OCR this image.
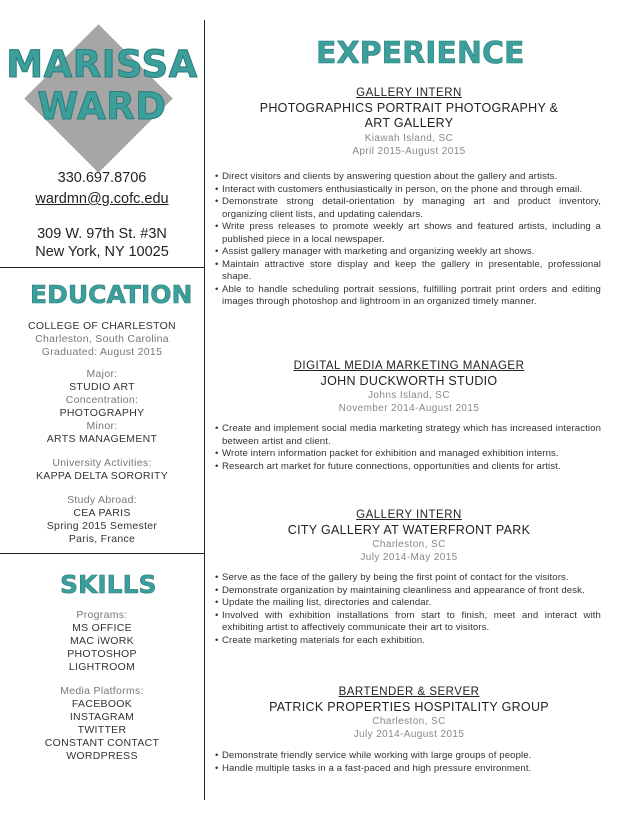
MARISSA
WARD
330.697.8706
wardmn@g.cofc.edu
309 W. 97th St. #3N
New York, NY 10025
EDUCATION
COLLEGE OF CHARLESTON
Charleston, South Carolina
Graduated: August 2015
Major:
STUDIO ART
Concentration:
PHOTOGRAPHY
Minor:
ARTS MANAGEMENT
University Activities:
KAPPA DELTA SORORITY
Study Abroad:
CEA PARIS
Spring 2015 Semester
Paris, France
SKILLS
Programs:
MS OFFICE
MAC iWORK
PHOTOSHOP
LIGHTROOM
Media Platforms:
FACEBOOK
INSTAGRAM
TWITTER
CONSTANT CONTACT
WORDPRESS
EXPERIENCE
GALLERY INTERN
PHOTOGRAPHICS PORTRAIT PHOTOGRAPHY &
ART GALLERY
Kiawah Island, SC
April 2015-August 2015
• Direct visitors and clients by answering question about the gallery and artists.
• Interact with customers enthusiastically in person, on the phone and through email.
• Demonstrate strong detail-orientation by managing art and product inventory, organizing client lists, and updating calendars.
• Write press releases to promote weekly art shows and featured artists, including a published piece in a local newspaper.
• Assist gallery manager with marketing and organizing weekly art shows.
• Maintain attractive store display and keep the gallery in presentable, professional shape.
• Able to handle scheduling portrait sessions, fulfilling portrait print orders and editing images through photoshop and lightroom in an organized timely manner.
DIGITAL MEDIA MARKETING MANAGER
JOHN DUCKWORTH STUDIO
Johns Island, SC
November 2014-August 2015
• Create and implement social media marketing strategy which has increased interaction between artist and client.
• Wrote intern information packet for exhibition and managed exhibition interns.
• Research art market for future connections, opportunities and clients for artist.
GALLERY INTERN
CITY GALLERY AT WATERFRONT PARK
Charleston, SC
July 2014-May 2015
• Serve as the face of the gallery by being the first point of contact for the visitors.
• Demonstrate organization by maintaining cleanliness and appearance of front desk.
• Update the mailing list, directories and calendar.
• Involved with exhibition installations from start to finish, meet and interact with exhibiting artist to affectively communicate their art to visitors.
• Create marketing materials for each exhibition.
BARTENDER & SERVER
PATRICK PROPERTIES HOSPITALITY GROUP
Charleston, SC
July 2014-August 2015
• Demonstrate friendly service while working with large groups of people.
• Handle multiple tasks in a a fast-paced and high pressure environment.
